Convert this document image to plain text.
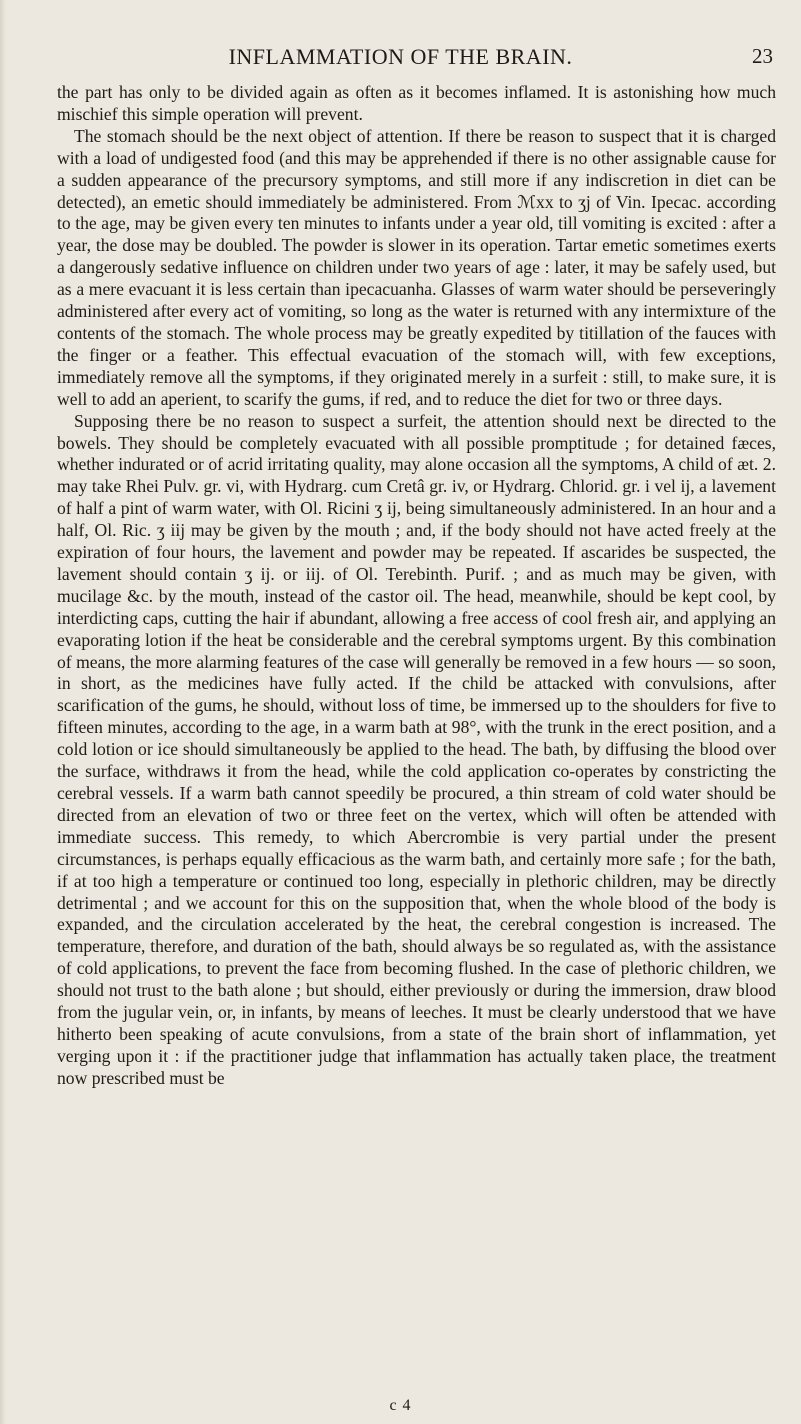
INFLAMMATION OF THE BRAIN.	23

the part has only to be divided again as often as it becomes inflamed. It is astonishing how much mischief this simple operation will prevent.

The stomach should be the next object of attention. If there be reason to suspect that it is charged with a load of undigested food (and this may be apprehended if there is no other assignable cause for a sudden appearance of the precursory symptoms, and still more if any indiscretion in diet can be detected), an emetic should immediately be administered. From ℳxx to ʒj of Vin. Ipecac. according to the age, may be given every ten minutes to infants under a year old, till vomiting is excited : after a year, the dose may be doubled. The powder is slower in its operation. Tartar emetic sometimes exerts a dangerously sedative influence on children under two years of age : later, it may be safely used, but as a mere evacuant it is less certain than ipecacuanha. Glasses of warm water should be perseveringly administered after every act of vomiting, so long as the water is returned with any intermixture of the contents of the stomach. The whole process may be greatly expedited by titillation of the fauces with the finger or a feather. This effectual evacuation of the stomach will, with few exceptions, immediately remove all the symptoms, if they originated merely in a surfeit : still, to make sure, it is well to add an aperient, to scarify the gums, if red, and to reduce the diet for two or three days.

Supposing there be no reason to suspect a surfeit, the attention should next be directed to the bowels. They should be completely evacuated with all possible promptitude ; for detained fæces, whether indurated or of acrid irritating quality, may alone occasion all the symptoms, A child of æt. 2. may take Rhei Pulv. gr. vi, with Hydrarg. cum Cretâ gr. iv, or Hydrarg. Chlorid. gr. i vel ij, a lavement of half a pint of warm water, with Ol. Ricini ʒ ij, being simultaneously administered. In an hour and a half, Ol. Ric. ʒ iij may be given by the mouth ; and, if the body should not have acted freely at the expiration of four hours, the lavement and powder may be repeated. If ascarides be suspected, the lavement should contain ʒ ij. or iij. of Ol. Terebinth. Purif. ; and as much may be given, with mucilage &c. by the mouth, instead of the castor oil. The head, meanwhile, should be kept cool, by interdicting caps, cutting the hair if abundant, allowing a free access of cool fresh air, and applying an evaporating lotion if the heat be considerable and the cerebral symptoms urgent. By this combination of means, the more alarming features of the case will generally be removed in a few hours — so soon, in short, as the medicines have fully acted. If the child be attacked with convulsions, after scarification of the gums, he should, without loss of time, be immersed up to the shoulders for five to fifteen minutes, according to the age, in a warm bath at 98°, with the trunk in the erect position, and a cold lotion or ice should simultaneously be applied to the head. The bath, by diffusing the blood over the surface, withdraws it from the head, while the cold application co-operates by constricting the cerebral vessels. If a warm bath cannot speedily be procured, a thin stream of cold water should be directed from an elevation of two or three feet on the vertex, which will often be attended with immediate success. This remedy, to which Abercrombie is very partial under the present circumstances, is perhaps equally efficacious as the warm bath, and certainly more safe ; for the bath, if at too high a temperature or continued too long, especially in plethoric children, may be directly detrimental ; and we account for this on the supposition that, when the whole blood of the body is expanded, and the circulation accelerated by the heat, the cerebral congestion is increased. The temperature, therefore, and duration of the bath, should always be so regulated as, with the assistance of cold applications, to prevent the face from becoming flushed. In the case of plethoric children, we should not trust to the bath alone ; but should, either previously or during the immersion, draw blood from the jugular vein, or, in infants, by means of leeches. It must be clearly understood that we have hitherto been speaking of acute convulsions, from a state of the brain short of inflammation, yet verging upon it : if the practitioner judge that inflammation has actually taken place, the treatment now prescribed must be

c 4
